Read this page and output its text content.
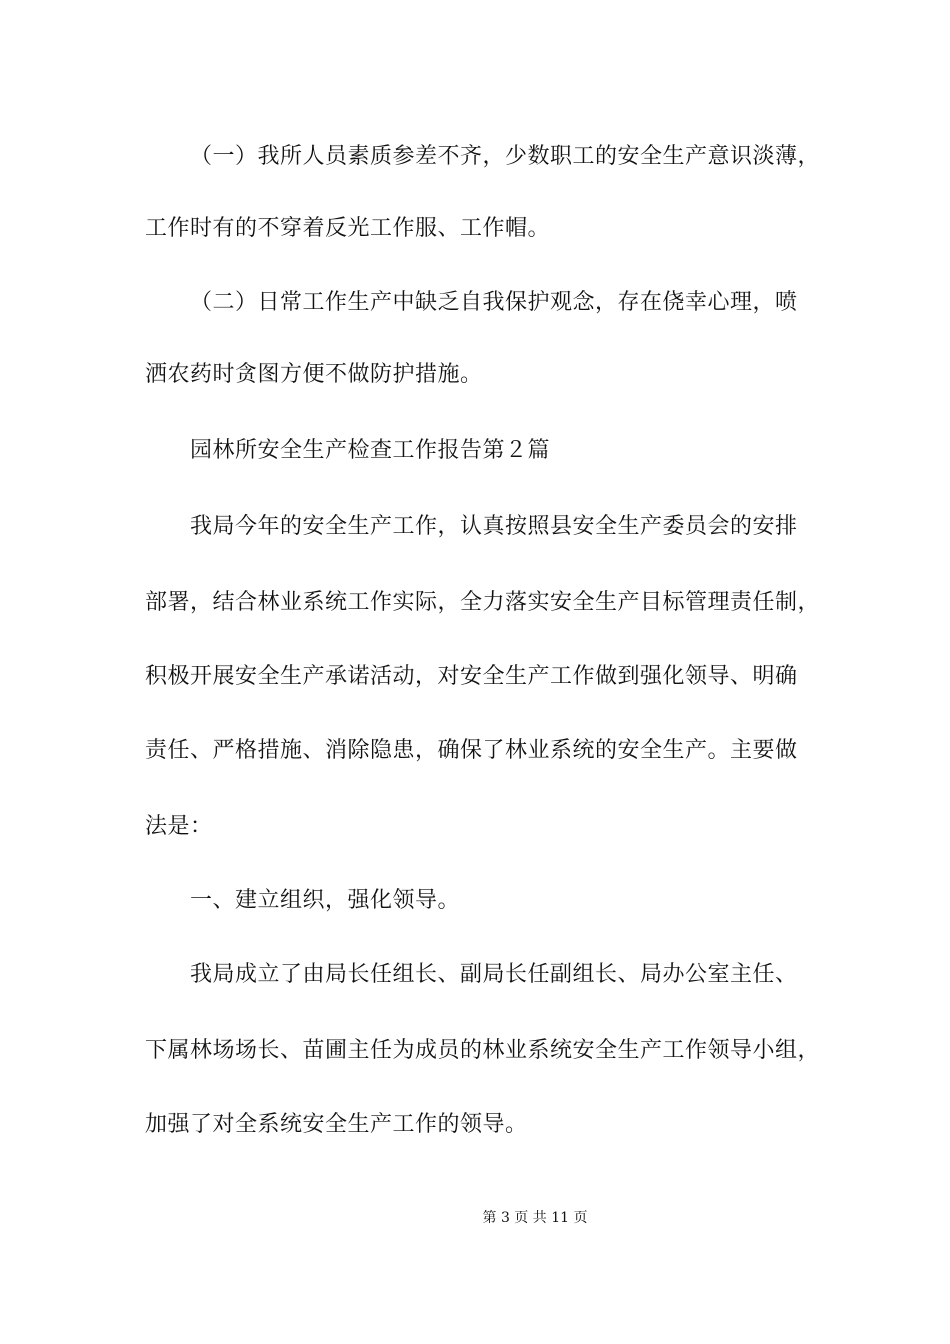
（一）我所人员素质参差不齐，少数职工的安全生产意识淡薄，
工作时有的不穿着反光工作服、工作帽。
（二）日常工作生产中缺乏自我保护观念，存在侥幸心理，喷
洒农药时贪图方便不做防护措施。
园林所安全生产检查工作报告第２篇
我局今年的安全生产工作，认真按照县安全生产委员会的安排
部署，结合林业系统工作实际，全力落实安全生产目标管理责任制，
积极开展安全生产承诺活动，对安全生产工作做到强化领导、明确
责任、严格措施、消除隐患，确保了林业系统的安全生产。主要做
法是：
一、建立组织，强化领导。
我局成立了由局长任组长、副局长任副组长、局办公室主任、
下属林场场长、苗圃主任为成员的林业系统安全生产工作领导小组，
加强了对全系统安全生产工作的领导。
第 3 页 共 11 页
